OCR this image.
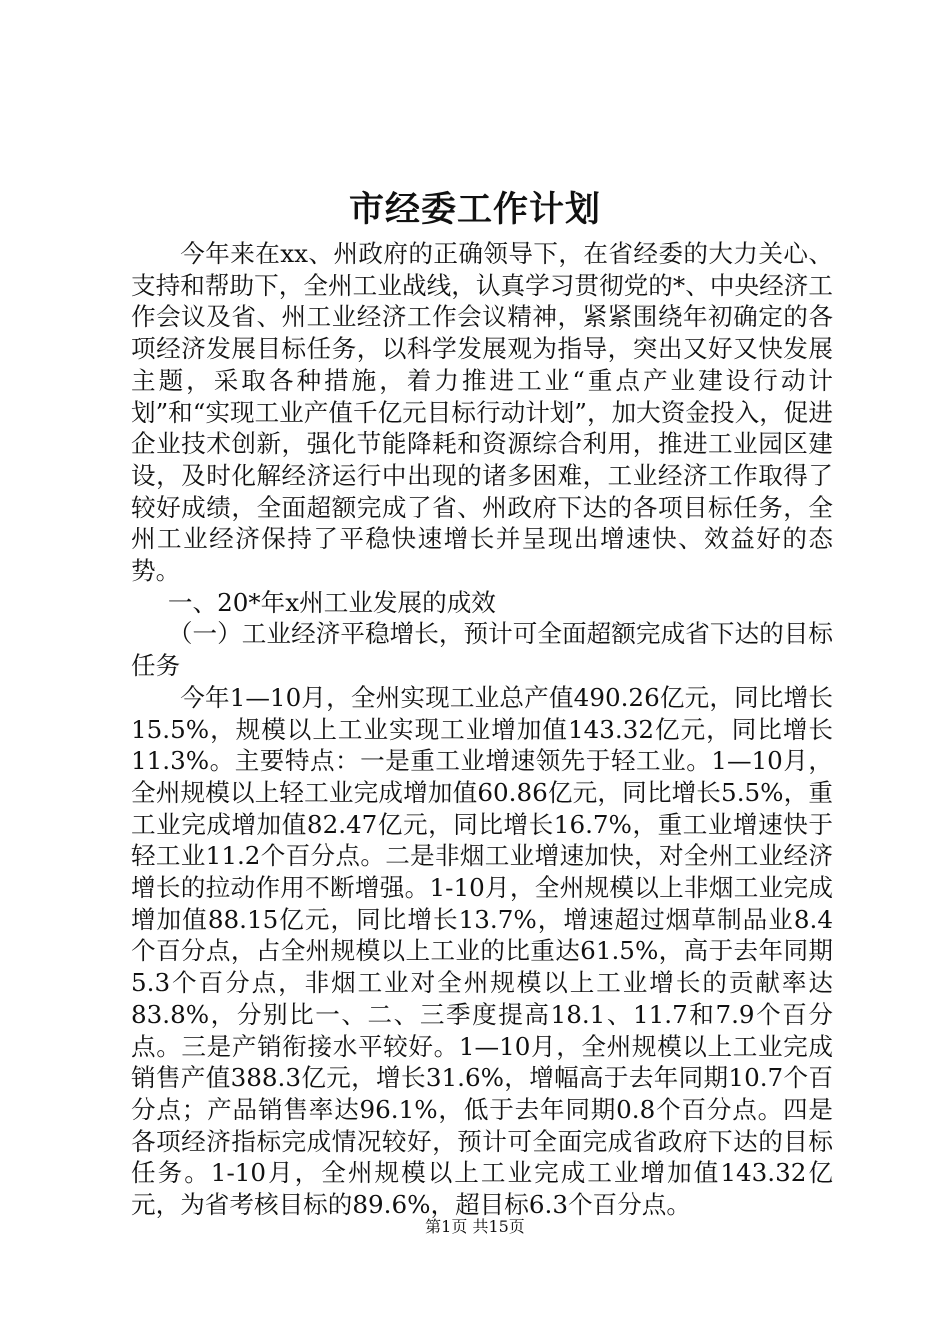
市经委工作计划

今年来在xx、州政府的正确领导下，在省经委的大力关心、支持和帮助下，全州工业战线，认真学习贯彻党的*、中央经济工作会议及省、州工业经济工作会议精神，紧紧围绕年初确定的各项经济发展目标任务，以科学发展观为指导，突出又好又快发展主题，采取各种措施，着力推进工业“重点产业建设行动计划”和“实现工业产值千亿元目标行动计划”，加大资金投入，促进企业技术创新，强化节能降耗和资源综合利用，推进工业园区建设，及时化解经济运行中出现的诸多困难，工业经济工作取得了较好成绩，全面超额完成了省、州政府下达的各项目标任务，全州工业经济保持了平稳快速增长并呈现出增速快、效益好的态势。

一、20*年x州工业发展的成效

（一）工业经济平稳增长，预计可全面超额完成省下达的目标任务

今年1—10月，全州实现工业总产值490.26亿元，同比增长15.5%，规模以上工业实现工业增加值143.32亿元，同比增长11.3%。主要特点：一是重工业增速领先于轻工业。1—10月，全州规模以上轻工业完成增加值60.86亿元，同比增长5.5%，重工业完成增加值82.47亿元，同比增长16.7%，重工业增速快于轻工业11.2个百分点。二是非烟工业增速加快，对全州工业经济增长的拉动作用不断增强。1-10月，全州规模以上非烟工业完成增加值88.15亿元，同比增长13.7%，增速超过烟草制品业8.4个百分点，占全州规模以上工业的比重达61.5%，高于去年同期5.3个百分点，非烟工业对全州规模以上工业增长的贡献率达83.8%，分别比一、二、三季度提高18.1、11.7和7.9个百分点。三是产销衔接水平较好。1—10月，全州规模以上工业完成销售产值388.3亿元，增长31.6%，增幅高于去年同期10.7个百分点；产品销售率达96.1%，低于去年同期0.8个百分点。四是各项经济指标完成情况较好，预计可全面完成省政府下达的目标任务。1-10月，全州规模以上工业完成工业增加值143.32亿元，为省考核目标的89.6%，超目标6.3个百分点。

第1页 共15页
